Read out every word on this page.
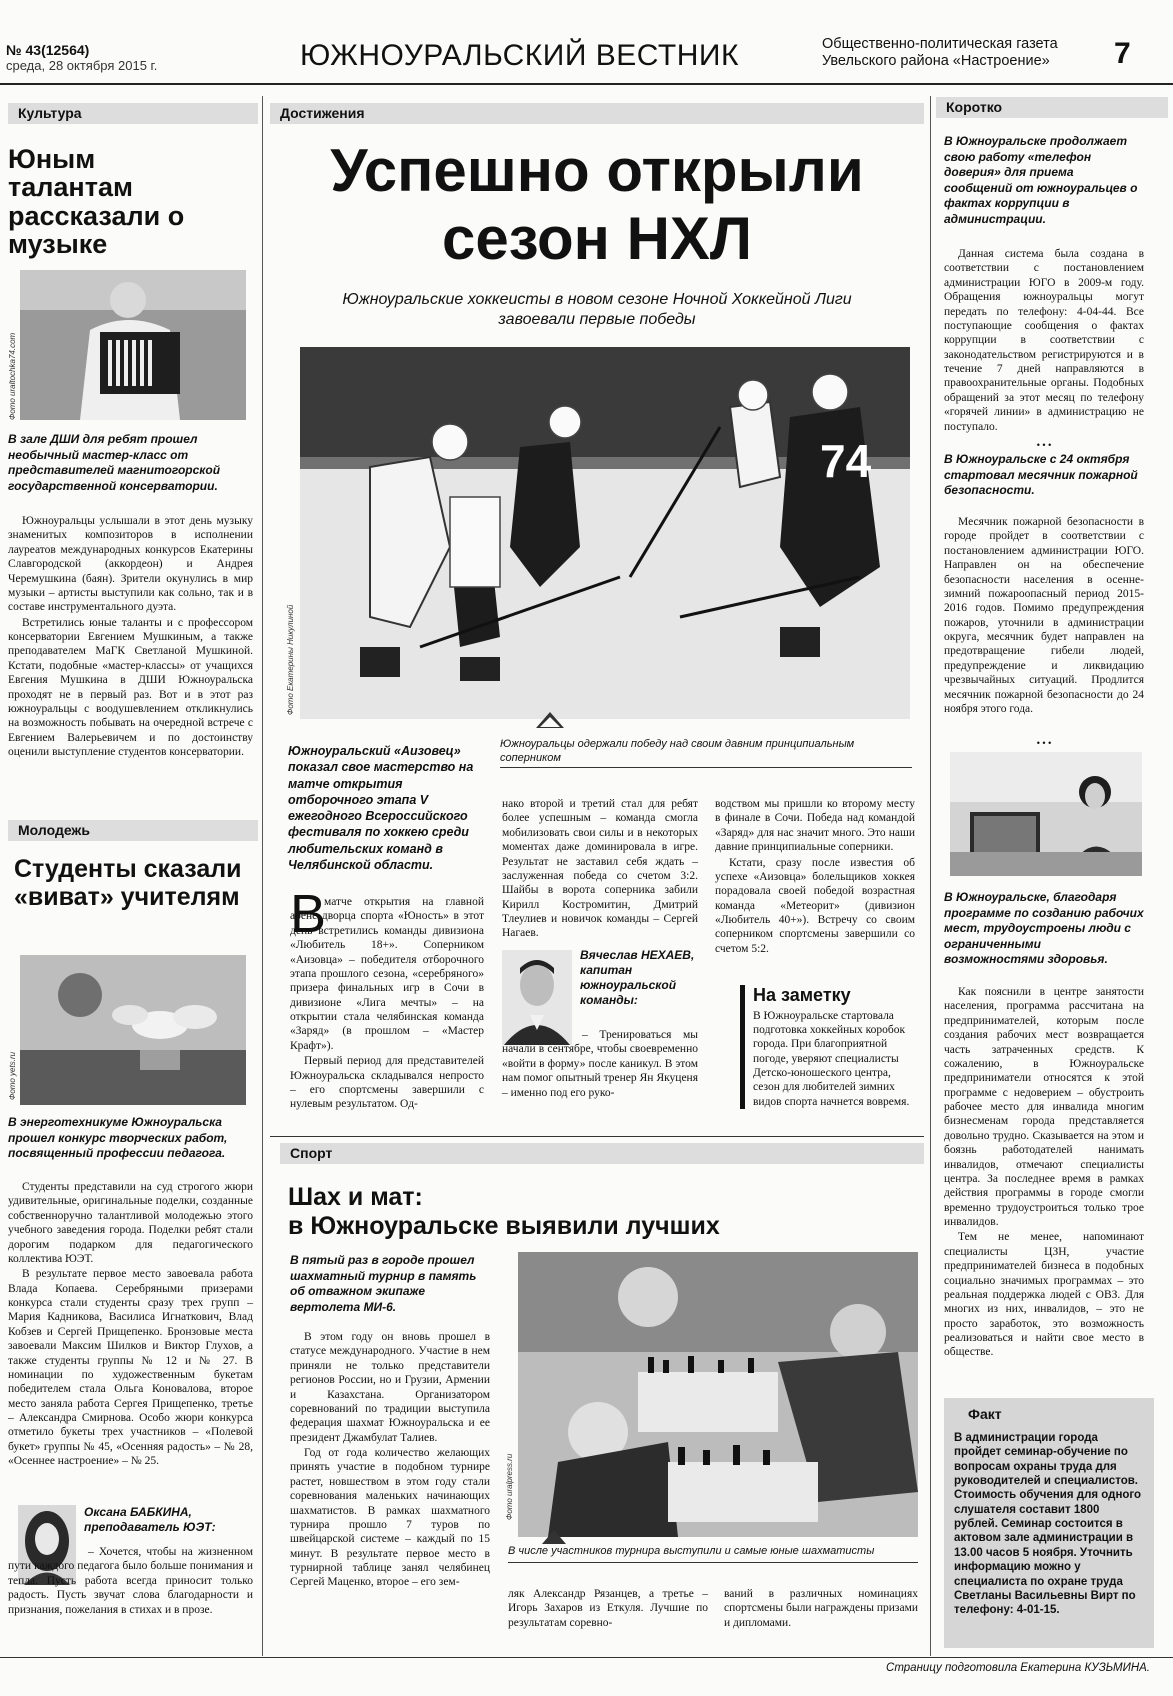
№ 43(12564)
среда, 28 октября 2015 г.	ЮЖНОУРАЛЬСКИЙ ВЕСТНИК	Общественно-политическая газета
Увельского района «Настроение» 7
Культура
Юным талантам рассказали о музыке
Фото uraltochka74.com
В зале ДШИ для ребят прошел необычный мастер-класс от представителей магнитогорской государственной консерватории.

Южноуральцы услышали в этот день музыку знаменитых композиторов в исполнении лауреатов международных конкурсов Екатерины Славгородской (аккордеон) и Андрея Черемушкина (баян). Зрители окунулись в мир музыки – артисты выступили как сольно, так и в составе инструментального дуэта.

Встретились юные таланты и с профессором консерватории Евгением Мушкиным, а также преподавателем МаГК Светланой Мушкиной. Кстати, подобные «мастер-классы» от учащихся Евгения Мушкина в ДШИ Южноуральска проходят не в первый раз. Вот и в этот раз южноуральцы с воодушевлением откликнулись на возможность побывать на очередной встрече с Евгением Валерьевичем и по достоинству оценили выступление студентов консерватории.

Молодежь
Студенты сказали «виват» учителям
Фото yets.ru
В энерготехникуме Южноуральска прошел конкурс творческих работ, посвященный профессии педагога.

Студенты представили на суд строгого жюри удивительные, оригинальные поделки, созданные собственноручно талантливой молодежью этого учебного заведения города. Поделки ребят стали дорогим подарком для педагогического коллектива ЮЭТ.

В результате первое место завоевала работа Влада Копаева. Серебряными призерами конкурса стали студенты сразу трех групп – Мария Кадникова, Василиса Игнаткович, Влад Кобзев и Сергей Прищепенко. Бронзовые места завоевали Максим Шилков и Виктор Глухов, а также студенты группы № 12 и № 27. В номинации по художественным букетам победителем стала Ольга Коновалова, второе место заняла работа Сергея Прищепенко, третье – Александра Смирнова. Особо жюри конкурса отметило букеты трех участников – «Полевой букет» группы № 45, «Осенняя радость» – № 28, «Осеннее настроение» – № 25.

Оксана БАБКИНА, преподаватель ЮЭТ:
– Хочется, чтобы на жизненном пути каждого педагога было больше понимания и тепла. Пусть работа всегда приносит только радость. Пусть звучат слова благодарности и признания, пожелания в стихах и в прозе.
Достижения
Успешно открыли
сезон НХЛ
Южноуральские хоккеисты в новом сезоне Ночной Хоккейной Лиги завоевали первые победы
74
Фото Екатерины Никулиной
Южноуральцы одержали победу над своим давним принципиальным соперником
Южноуральский «Аизовец» показал свое мастерство на матче открытия отборочного этапа V ежегодного Всероссийского фестиваля по хоккею среди любительских команд в Челябинской области.
В

матче открытия на главной арене дворца спорта «Юность» в этот день встретились команды дивизиона «Любитель 18+». Соперником «Аизовца» – победителя отборочного этапа прошлого сезона, «серебряного» призера финальных игр в Сочи в дивизионе «Лига мечты» – на открытии стала челябинская команда «Заряд» (в прошлом – «Мастер Крафт»).

Первый период для представителей Южноуральска складывался непросто – его спортсмены завершили с нулевым результатом. Од-

нако второй и третий стал для ребят более успешным – команда смогла мобилизовать свои силы и в некоторых моментах даже доминировала в игре. Результат не заставил себя ждать – заслуженная победа со счетом 3:2. Шайбы в ворота соперника забили Кирилл Костромитин, Дмитрий Тлеулиев и новичок команды – Сергей Нагаев.

Вячеслав НЕХАЕВ, капитан южноуральской команды:
– Тренироваться мы начали в сентябре, чтобы своевременно «войти в форму» после каникул. В этом нам помог опытный тренер Ян Якуценя – именно под его руко-

водством мы пришли ко второму месту в финале в Сочи. Победа над командой «Заряд» для нас значит много. Это наши давние принципиальные соперники.

Кстати, сразу после известия об успехе «Аизовца» болельщиков хоккея порадовала своей победой возрастная команда «Метеорит» (дивизион «Любитель 40+»). Встречу со своим соперником спортсмены завершили со счетом 5:2.

На заметку
В Южноуральске стартовала подготовка хоккейных коробок города. При благоприятной погоде, уверяют специалисты Детско-юношеского центра, сезон для любителей зимних видов спорта начнется вовремя.
Спорт
Шах и мат:
в Южноуральске выявили лучших
В пятый раз в городе прошел шахматный турнир в память об отважном экипаже вертолета МИ-6.

В этом году он вновь прошел в статусе международного. Участие в нем приняли не только представители регионов России, но и Грузии, Армении и Казахстана. Организатором соревнований по традиции выступила федерация шахмат Южноуральска и ее президент Джамбулат Талиев.

Год от года количество желающих принять участие в подобном турнире растет, новшеством в этом году стали соревнования маленьких начинающих шахматистов. В рамках шахматного турнира прошло 7 туров по швейцарской системе – каждый по 15 минут. В результате первое место в турнирной таблице занял челябинец Сергей Маценко, второе – его зем-

Фото uralpress.ru
В числе участников турнира выступили и самые юные шахматисты
ляк Александр Рязанцев, а третье – Игорь Захаров из Еткуля. Лучшие по результатам соревно-
ваний в различных номинациях спортсмены были награждены призами и дипломами.
Коротко
В Южноуральске продолжает свою работу «телефон доверия» для приема сообщений от южноуральцев о фактах коррупции в администрации.
Данная система была создана в соответствии с постановлением администрации ЮГО в 2009-м году. Обращения южноуральцы могут передать по телефону: 4-04-44. Все поступающие сообщения о фактах коррупции в соответствии с законодательством регистрируются и в течение 7 дней направляются в правоохранительные органы. Подобных обращений за этот месяц по телефону «горячей линии» в администрацию не поступало.
• • •
В Южноуральске с 24 октября стартовал месячник пожарной безопасности.
Месячник пожарной безопасности в городе пройдет в соответствии с постановлением администрации ЮГО. Направлен он на обеспечение безопасности населения в осенне-зимний пожароопасный период 2015-2016 годов. Помимо предупреждения пожаров, уточнили в администрации округа, месячник будет направлен на предотвращение гибели людей, предупреждение и ликвидацию чрезвычайных ситуаций. Продлится месячник пожарной безопасности до 24 ноября этого года.
• • •
В Южноуральске, благодаря программе по созданию рабочих мест, трудоустроены люди с ограниченными возможностями здоровья.

Как пояснили в центре занятости населения, программа рассчитана на предпринимателей, которым после создания рабочих мест возвращается часть затраченных средств. К сожалению, в Южноуральске предприниматели относятся к этой программе с недоверием – обустроить рабочее место для инвалида многим бизнесменам города представляется довольно трудно. Сказывается на этом и боязнь работодателей нанимать инвалидов, отмечают специалисты центра. За последнее время в рамках действия программы в городе смогли временно трудоустроиться только трое инвалидов.

Тем не менее, напоминают специалисты ЦЗН, участие предпринимателей бизнеса в подобных социально значимых программах – это реальная поддержка людей с ОВЗ. Для многих из них, инвалидов, – это не просто заработок, это возможность реализоваться и найти свое место в обществе.

Факт
В администрации города пройдет семинар-обучение по вопросам охраны труда для руководителей и специалистов. Стоимость обучения для одного слушателя составит 1800 рублей. Семинар состоится в актовом зале администрации в 13.00 часов 5 ноября. Уточнить информацию можно у специалиста по охране труда Светланы Васильевны Вирт по телефону: 4-01-15.
Страницу подготовила Екатерина КУЗЬМИНА.
